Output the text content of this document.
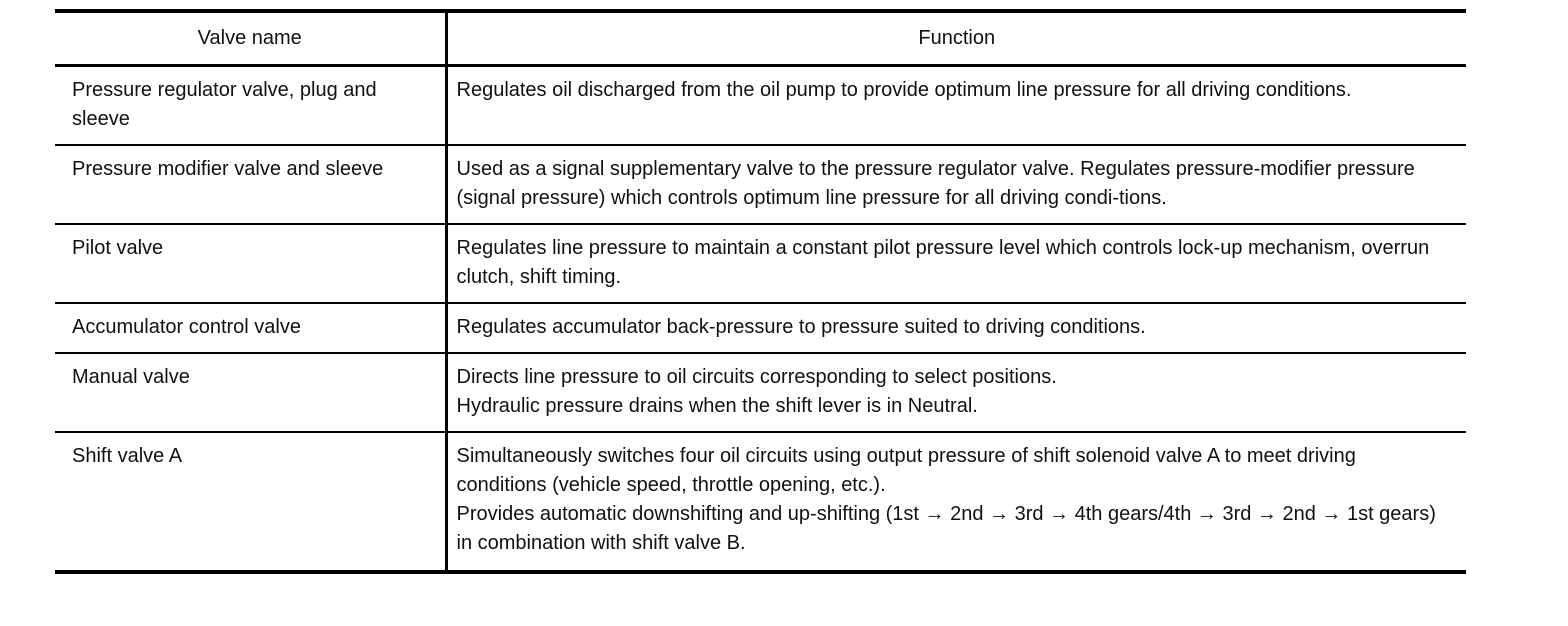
Valve name	Function
Pressure regulator valve, plug and sleeve	Regulates oil discharged from the oil pump to provide optimum line pressure for all driving conditions.

Pressure modifier valve and sleeve	Used as a signal supplementary valve to the pressure regulator valve. Regulates pressure-modifier pressure (signal pressure) which controls optimum line pressure for all driving condi-tions.

Pilot valve	Regulates line pressure to maintain a constant pilot pressure level which controls lock-up mechanism, overrun clutch, shift timing.

Accumulator control valve	Regulates accumulator back-pressure to pressure suited to driving conditions.

Manual valve	Directs line pressure to oil circuits corresponding to select positions.
Hydraulic pressure drains when the shift lever is in Neutral.

Shift valve A	Simultaneously switches four oil circuits using output pressure of shift solenoid valve A to meet driving conditions (vehicle speed, throttle opening, etc.).
Provides automatic downshifting and up-shifting (1st → 2nd → 3rd → 4th gears/4th → 3rd → 2nd → 1st gears) in combination with shift valve B.
